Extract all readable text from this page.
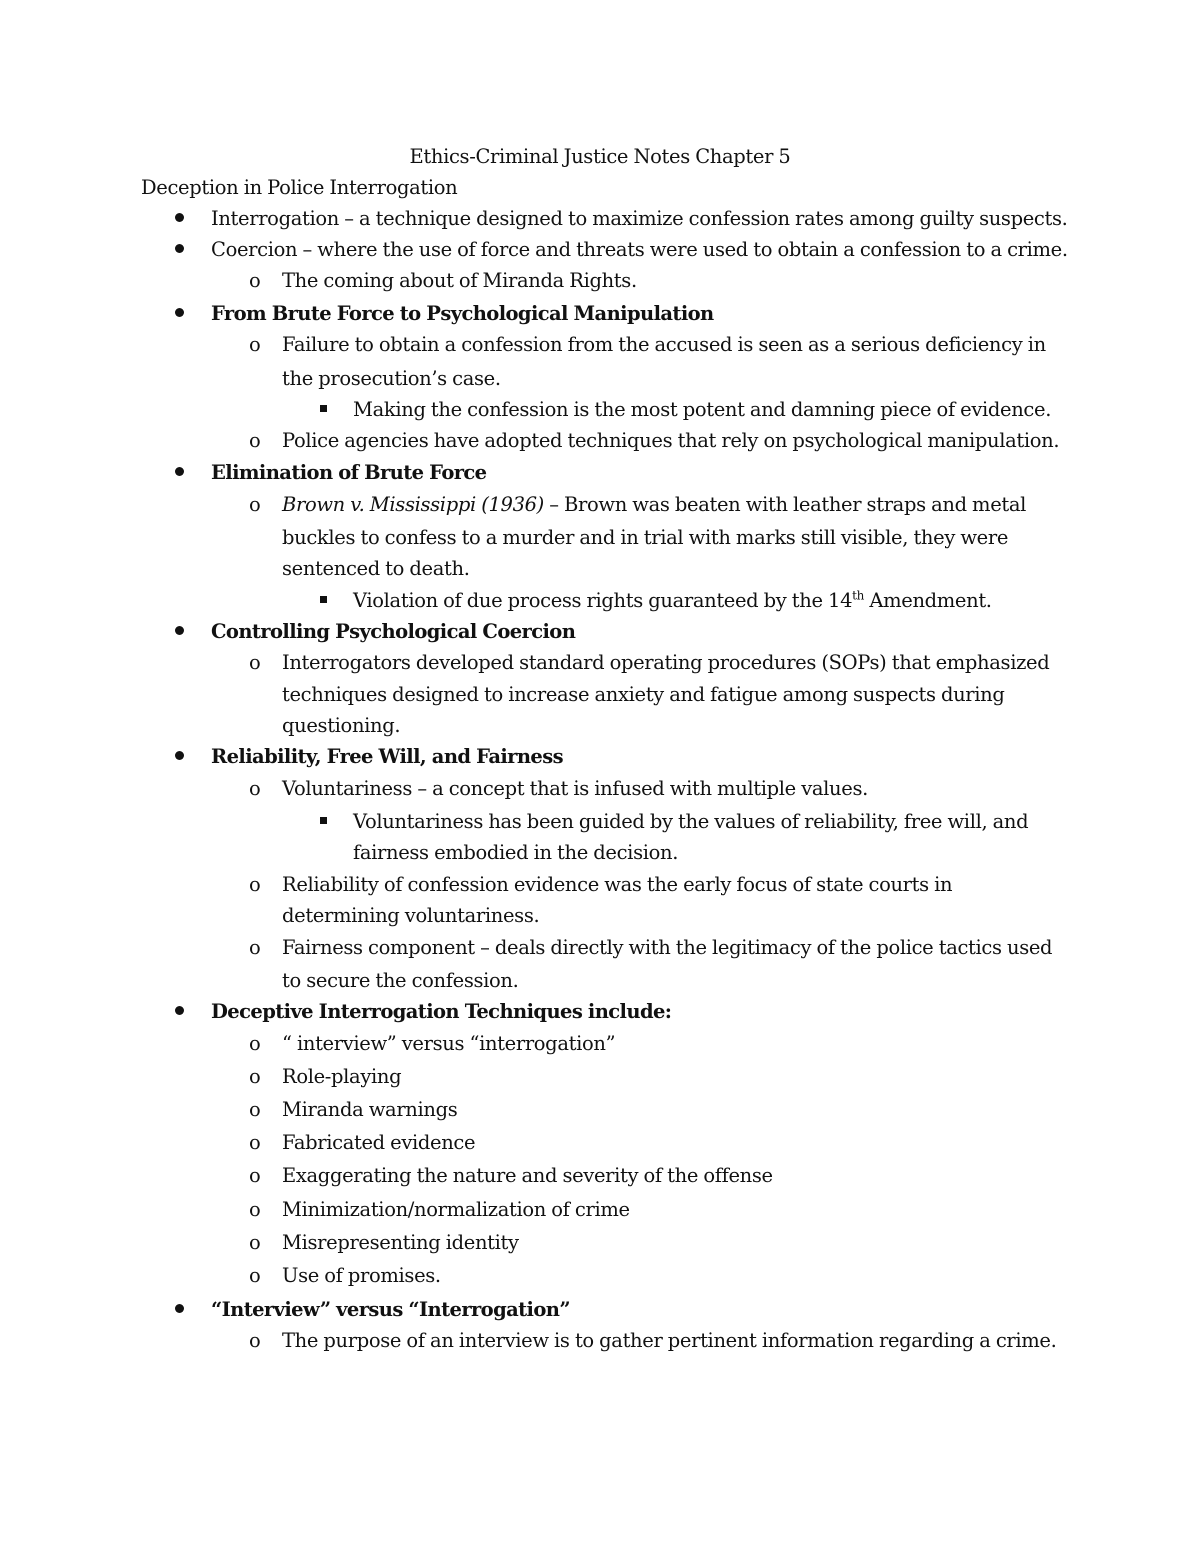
Ethics-Criminal Justice Notes Chapter 5
Deception in Police Interrogation
Interrogation – a technique designed to maximize confession rates among guilty suspects.
Coercion – where the use of force and threats were used to obtain a confession to a crime.
o The coming about of Miranda Rights.
From Brute Force to Psychological Manipulation
o Failure to obtain a confession from the accused is seen as a serious deficiency in
the prosecution’s case.
Making the confession is the most potent and damning piece of evidence.
o Police agencies have adopted techniques that rely on psychological manipulation.
Elimination of Brute Force
o Brown v. Mississippi (1936) – Brown was beaten with leather straps and metal
buckles to confess to a murder and in trial with marks still visible, they were
sentenced to death.
Violation of due process rights guaranteed by the 14th Amendment.
Controlling Psychological Coercion
o Interrogators developed standard operating procedures (SOPs) that emphasized
techniques designed to increase anxiety and fatigue among suspects during
questioning.
Reliability, Free Will, and Fairness
o Voluntariness – a concept that is infused with multiple values.
Voluntariness has been guided by the values of reliability, free will, and
fairness embodied in the decision.
o Reliability of confession evidence was the early focus of state courts in
determining voluntariness.
o Fairness component – deals directly with the legitimacy of the police tactics used
to secure the confession.
Deceptive Interrogation Techniques include:
o “ interview” versus “interrogation”
o Role-playing
o Miranda warnings
o Fabricated evidence
o Exaggerating the nature and severity of the offense
o Minimization/normalization of crime
o Misrepresenting identity
o Use of promises.
“Interview” versus “Interrogation”
o The purpose of an interview is to gather pertinent information regarding a crime.
